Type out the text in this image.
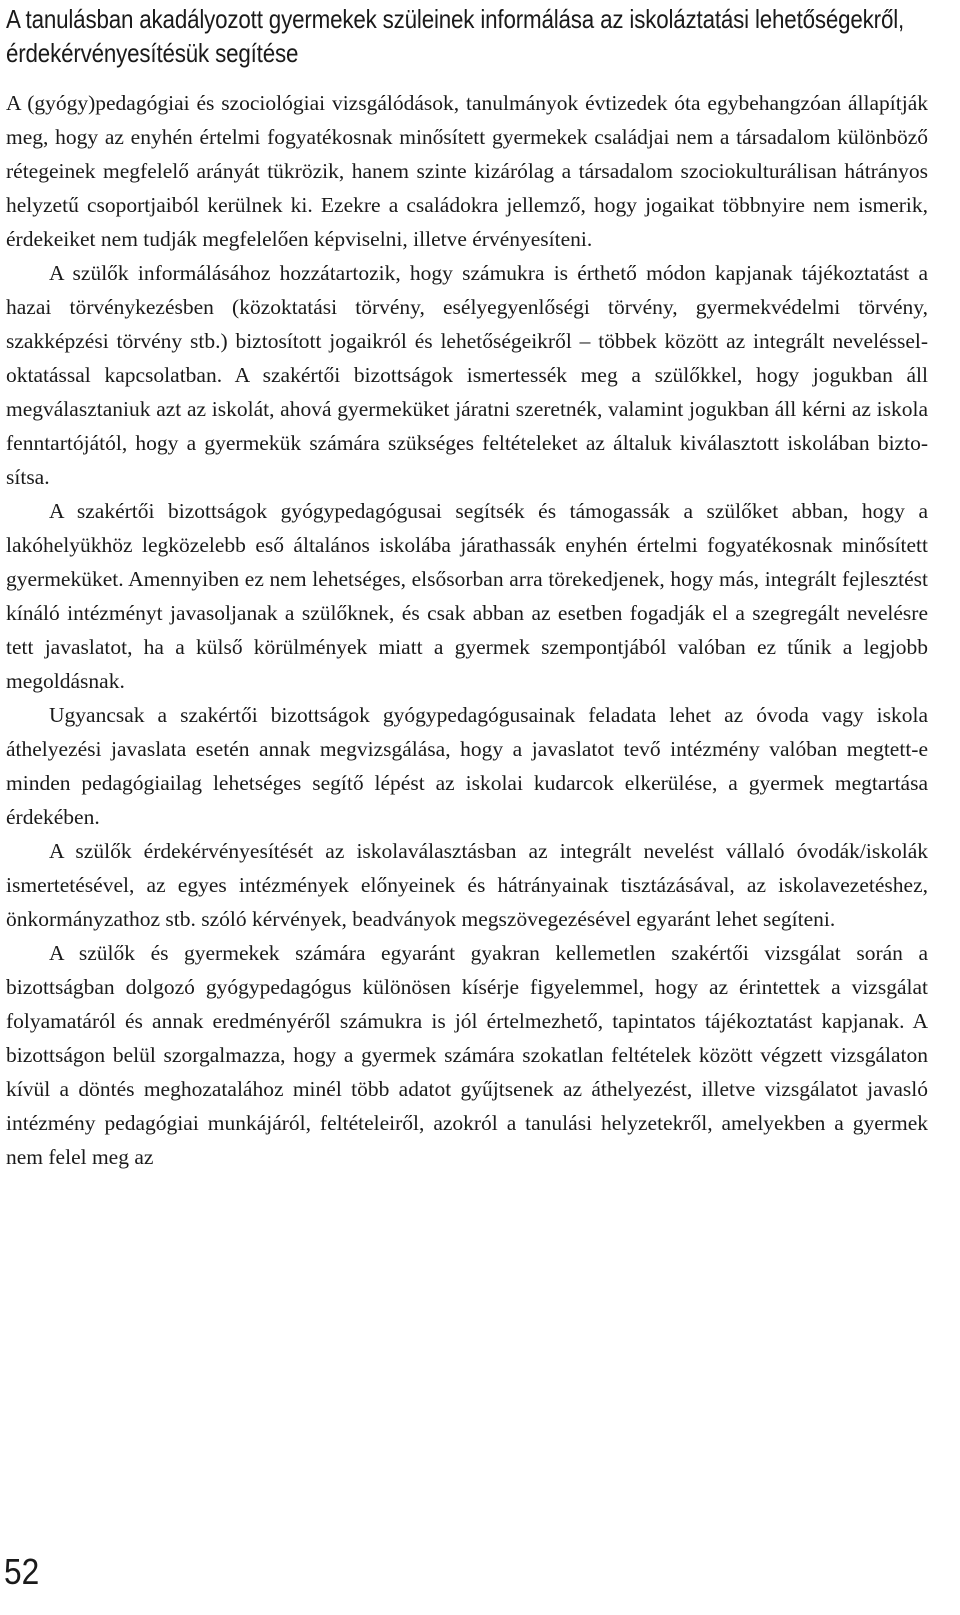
A tanulásban akadályozott gyermekek szüleinek informálása az iskoláztatási lehetőségekről, érdekérvényesítésük segítése

A (gyógy)pedagógiai és szociológiai vizsgálódások, tanulmányok évtizedek óta egybehangzóan állapítják meg, hogy az enyhén értelmi fogyatékosnak minősített gyermekek családjai nem a társadalom különböző rétegeinek megfelelő arányát tükrözik, hanem szinte kizárólag a társadalom szociokulturálisan hátrányos helyzetű csoportjaiból kerülnek ki. Ezekre a családokra jellemző, hogy jogaikat többnyire nem ismerik, érdekeiket nem tudják megfelelően képviselni, illetve érvényesíteni.

A szülők informálásához hozzátartozik, hogy számukra is érthető módon kapjanak tájékoztatást a hazai törvénykezésben (közoktatási törvény, esélyegyenlőségi törvény, gyermekvédelmi törvény, szakképzési törvény stb.) biztosított jogaikról és lehetőségeikről – többek között az integrált neveléssel-oktatással kapcsolatban. A szakértői bizottságok ismertessék meg a szülőkkel, hogy jogukban áll megválasztaniuk azt az iskolát, ahová gyermeküket járatni szeretnék, valamint jogukban áll kérni az iskola fenntartójától, hogy a gyermekük számára szükséges feltételeket az általuk kiválasztott iskolában biztosítsa.

A szakértői bizottságok gyógypedagógusai segítsék és támogassák a szülőket abban, hogy a lakóhelyükhöz legközelebb eső általános iskolába járathassák enyhén értelmi fogyatékosnak minősített gyermeküket. Amennyiben ez nem lehetséges, elsősorban arra törekedjenek, hogy más, integrált fejlesztést kínáló intézményt javasoljanak a szülőknek, és csak abban az esetben fogadják el a szegregált nevelésre tett javaslatot, ha a külső körülmények miatt a gyermek szempontjából valóban ez tűnik a legjobb megoldásnak.

Ugyancsak a szakértői bizottságok gyógypedagógusainak feladata lehet az óvoda vagy iskola áthelyezési javaslata esetén annak megvizsgálása, hogy a javaslatot tevő intézmény valóban megtett-e minden pedagógiailag lehetséges segítő lépést az iskolai kudarcok elkerülése, a gyermek megtartása érdekében.

A szülők érdekérvényesítését az iskolaválasztásban az integrált nevelést vállaló óvodák/iskolák ismertetésével, az egyes intézmények előnyeinek és hátrányainak tisztázásával, az iskolavezetéshez, önkormányzathoz stb. szóló kérvények, beadványok megszövegezésével egyaránt lehet segíteni.

A szülők és gyermekek számára egyaránt gyakran kellemetlen szakértői vizsgálat során a bizottságban dolgozó gyógypedagógus különösen kísérje figyelemmel, hogy az érintettek a vizsgálat folyamatáról és annak eredményéről számukra is jól értelmezhető, tapintatos tájékoztatást kapjanak. A bizottságon belül szorgalmazza, hogy a gyermek számára szokatlan feltételek között végzett vizsgálaton kívül a döntés meghozatalához minél több adatot gyűjtsenek az áthelyezést, illetve vizsgálatot javasló intézmény pedagógiai munkájáról, feltételeiről, azokról a tanulási helyzetekről, amelyekben a gyermek nem felel meg az

52
